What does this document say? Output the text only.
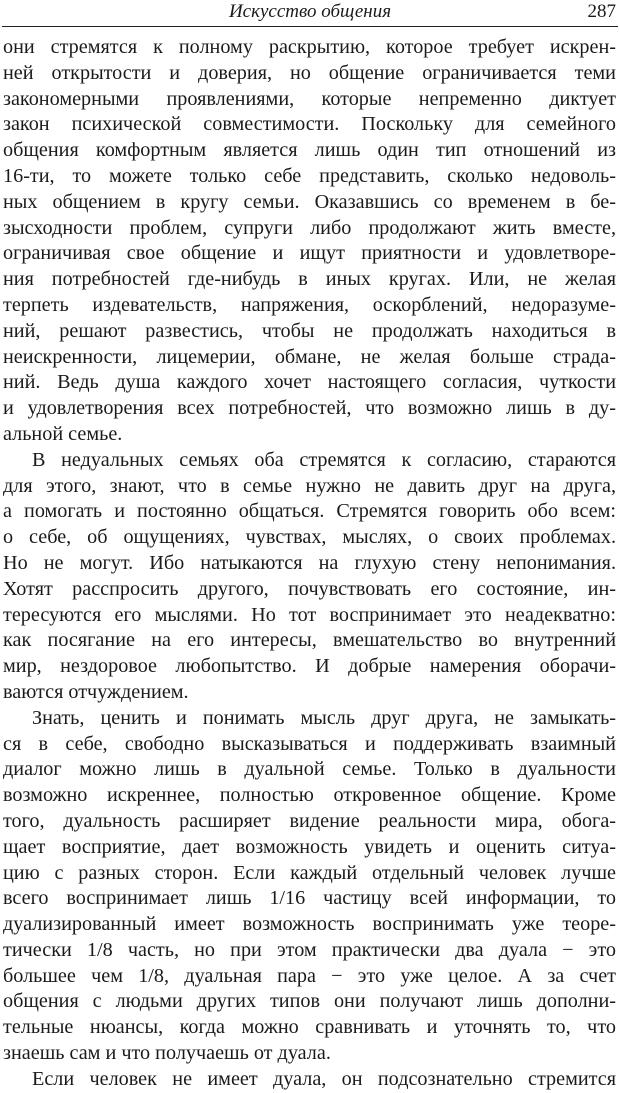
Искусство общения	287
они стремятся к полному раскрытию, которое требует искрен-
ней открытости и доверия, но общение ограничивается теми
закономерными проявлениями, которые непременно диктует
закон психической совместимости. Поскольку для семейного
общения комфортным является лишь один тип отношений из
16-ти, то можете только себе представить, сколько недоволь-
ных общением в кругу семьи. Оказавшись со временем в бе-
зысходности проблем, супруги либо продолжают жить вместе,
ограничивая свое общение и ищут приятности и удовлетворе-
ния потребностей где-нибудь в иных кругах. Или, не желая
терпеть издевательств, напряжения, оскорблений, недоразуме-
ний, решают развестись, чтобы не продолжать находиться в
неискренности, лицемерии, обмане, не желая больше страда-
ний. Ведь душа каждого хочет настоящего согласия, чуткости
и удовлетворения всех потребностей, что возможно лишь в ду-
альной семье.
В недуальных семьях оба стремятся к согласию, стараются
для этого, знают, что в семье нужно не давить друг на друга,
а помогать и постоянно общаться. Стремятся говорить обо всем:
о себе, об ощущениях, чувствах, мыслях, о своих проблемах.
Но не могут. Ибо натыкаются на глухую стену непонимания.
Хотят расспросить другого, почувствовать его состояние, ин-
тересуются его мыслями. Но тот воспринимает это неадекватно:
как посягание на его интересы, вмешательство во внутренний
мир, нездоровое любопытство. И добрые намерения оборачи-
ваются отчуждением.
Знать, ценить и понимать мысль друг друга, не замыкать-
ся в себе, свободно высказываться и поддерживать взаимный
диалог можно лишь в дуальной семье. Только в дуальности
возможно искреннее, полностью откровенное общение. Кроме
того, дуальность расширяет видение реальности мира, обога-
щает восприятие, дает возможность увидеть и оценить ситуа-
цию с разных сторон. Если каждый отдельный человек лучше
всего воспринимает лишь 1/16 частицу всей информации, то
дуализированный имеет возможность воспринимать уже теоре-
тически 1/8 часть, но при этом практически два дуала − это
большее чем 1/8, дуальная пара − это уже целое. А за счет
общения с людьми других типов они получают лишь дополни-
тельные нюансы, когда можно сравнивать и уточнять то, что
знаешь сам и что получаешь от дуала.
Если человек не имеет дуала, он подсознательно стремится
